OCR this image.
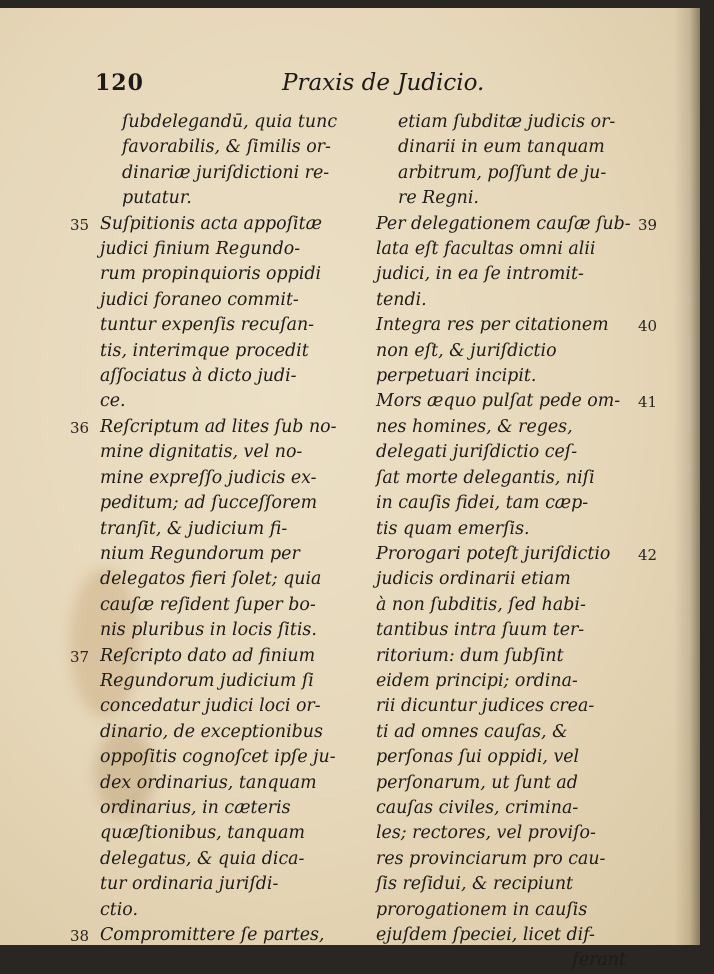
120	Praxis de Judicio.

ſubdelegandū, quia tunc
favorabilis, & ſimilis or-
dinariæ juriſdictioni re-
putatur.

35 Suſpitionis acta appoſitæ
judici finium Regundo-
rum propinquioris oppidi
judici foraneo commit-
tuntur expenſis recuſan-
tis, interimque procedit
aſſociatus à dicto judi-
ce.

36 Reſcriptum ad lites ſub no-
mine dignitatis, vel no-
mine expreſſo judicis ex-
peditum; ad ſucceſſorem
tranſit, & judicium fi-
nium Regundorum per
delegatos fieri ſolet; quia
cauſæ reſident ſuper bo-
nis pluribus in locis ſitis.

37 Reſcripto dato ad finium
Regundorum judicium ſi
concedatur judici loci or-
dinario, de exceptionibus
oppoſitis cognoſcet ipſe ju-
dex ordinarius, tanquam
ordinarius, in cæteris
quæſtionibus, tanquam
delegatus, & quia dica-
tur ordinaria juriſdi-
ctio.

38 Compromittere ſe partes,

etiam ſubditæ judicis or-
dinarii in eum tanquam
arbitrum, poſſunt de ju-
re Regni.

39
Per delegationem cauſæ ſub-
lata eſt facultas omni alii
judici, in ea ſe intromit-
tendi.

40
Integra res per citationem
non eſt, & juriſdictio
perpetuari incipit.

41
Mors æquo pulſat pede om-
nes homines, & reges,
delegati juriſdictio ceſ-
ſat morte delegantis, niſi
in cauſis fidei, tam cæp-
tis quam emerſis.

42
Prorogari poteſt juriſdictio
judicis ordinarii etiam
à non ſubditis, ſed habi-
tantibus intra ſuum ter-
ritorium: dum ſubſint
eidem principi; ordina-
rii dicuntur judices crea-
ti ad omnes cauſas, &
perſonas ſui oppidi, vel
perſonarum, ut ſunt ad
cauſas civiles, crimina-
les; rectores, vel proviſo-
res provinciarum pro cau-
ſis reſidui, & recipiunt
prorogationem in cauſis
ejuſdem ſpeciei, licet dif-

ferant
